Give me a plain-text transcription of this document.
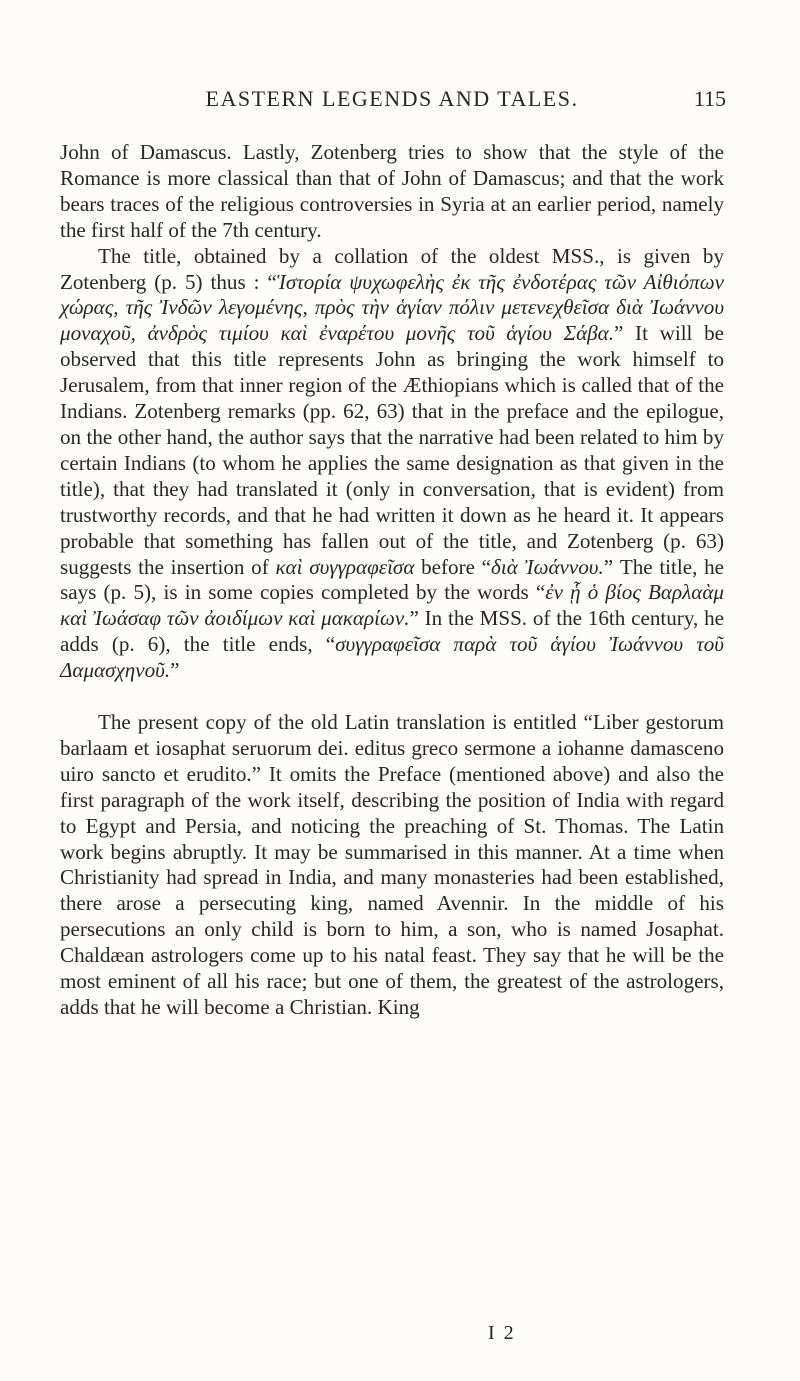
EASTERN LEGENDS AND TALES.	115

John of Damascus. Lastly, Zotenberg tries to show that the style of the Romance is more classical than that of John of Damascus; and that the work bears traces of the religious controversies in Syria at an earlier period, namely the first half of the 7th century.

The title, obtained by a collation of the oldest MSS., is given by Zotenberg (p. 5) thus : “Ἱστορία ψυχωφελὴς ἐκ τῆς ἐνδοτέρας τῶν Αἰθιόπων χώρας, τῆς Ἰνδῶν λεγομένης, πρὸς τὴν ἁγίαν πόλιν μετενεχθεῖσα διὰ Ἰωάννου μοναχοῦ, ἀνδρὸς τιμίου καὶ ἐναρέτου μονῆς τοῦ ἁγίου Σάβα.” It will be observed that this title represents John as bringing the work himself to Jerusalem, from that inner region of the Æthiopians which is called that of the Indians. Zotenberg remarks (pp. 62, 63) that in the preface and the epilogue, on the other hand, the author says that the narrative had been related to him by certain Indians (to whom he applies the same designation as that given in the title), that they had translated it (only in conversation, that is evident) from trustworthy records, and that he had written it down as he heard it. It appears probable that something has fallen out of the title, and Zotenberg (p. 63) suggests the insertion of καὶ συγγραφεῖσα before “διὰ Ἰωάννου.” The title, he says (p. 5), is in some copies completed by the words “ἐν ᾗ ὁ βίος Βαρλαὰμ καὶ Ἰωάσαφ τῶν ἀοιδίμων καὶ μακαρίων.” In the MSS. of the 16th century, he adds (p. 6), the title ends, “συγγραφεῖσα παρὰ τοῦ ἁγίου Ἰωάννου τοῦ Δαμασχηνοῦ.”

The present copy of the old Latin translation is entitled “Liber gestorum barlaam et iosaphat seruorum dei. editus greco sermone a iohanne damasceno uiro sancto et erudito.” It omits the Preface (mentioned above) and also the first paragraph of the work itself, describing the position of India with regard to Egypt and Persia, and noticing the preaching of St. Thomas. The Latin work begins abruptly. It may be summarised in this manner. At a time when Christianity had spread in India, and many monasteries had been established, there arose a persecuting king, named Avennir. In the middle of his persecutions an only child is born to him, a son, who is named Josaphat. Chaldæan astrologers come up to his natal feast. They say that he will be the most eminent of all his race; but one of them, the greatest of the astrologers, adds that he will become a Christian. King

I 2
